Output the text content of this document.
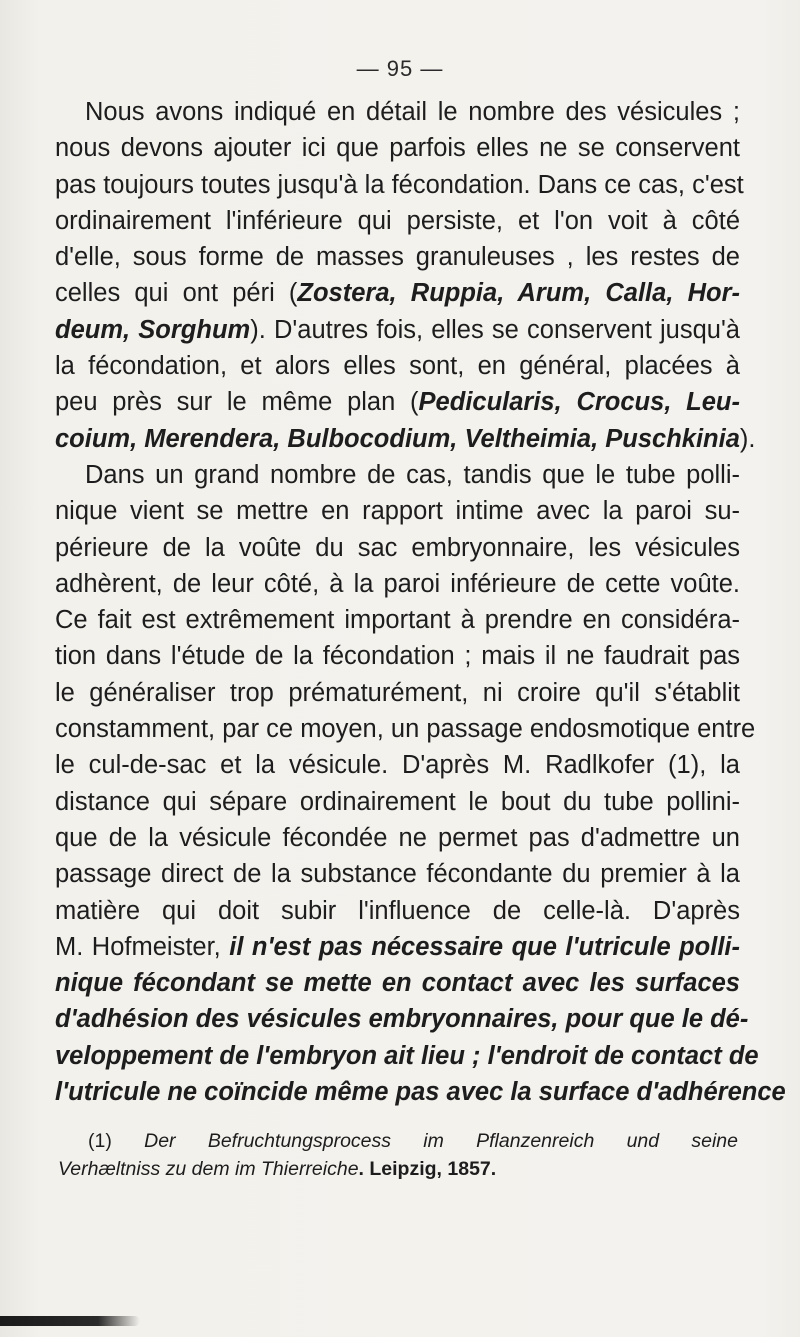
— 95 —
Nous avons indiqué en détail le nombre des vésicules ;
nous devons ajouter ici que parfois elles ne se conservent
pas toujours toutes jusqu'à la fécondation. Dans ce cas, c'est
ordinairement l'inférieure qui persiste, et l'on voit à côté
d'elle, sous forme de masses granuleuses , les restes de
celles qui ont péri (Zostera, Ruppia, Arum, Calla, Hor-
deum, Sorghum). D'autres fois, elles se conservent jusqu'à
la fécondation, et alors elles sont, en général, placées à
peu près sur le même plan (Pedicularis, Crocus, Leu-
coium, Merendera, Bulbocodium, Veltheimia, Puschkinia).
Dans un grand nombre de cas, tandis que le tube polli-
nique vient se mettre en rapport intime avec la paroi su-
périeure de la voûte du sac embryonnaire, les vésicules
adhèrent, de leur côté, à la paroi inférieure de cette voûte.
Ce fait est extrêmement important à prendre en considéra-
tion dans l'étude de la fécondation ; mais il ne faudrait pas
le généraliser trop prématurément, ni croire qu'il s'établit
constamment, par ce moyen, un passage endosmotique entre
le cul-de-sac et la vésicule. D'après M. Radlkofer (1), la
distance qui sépare ordinairement le bout du tube pollini-
que de la vésicule fécondée ne permet pas d'admettre un
passage direct de la substance fécondante du premier à la
matière qui doit subir l'influence de celle-là. D'après
M. Hofmeister, il n'est pas nécessaire que l'utricule polli-
nique fécondant se mette en contact avec les surfaces
d'adhésion des vésicules embryonnaires, pour que le dé-
veloppement de l'embryon ait lieu ; l'endroit de contact de
l'utricule ne coïncide même pas avec la surface d'adhérence
(1) Der Befruchtungsprocess im Pflanzenreich und seine
Verhæltniss zu dem im Thierreiche. Leipzig, 1857.
